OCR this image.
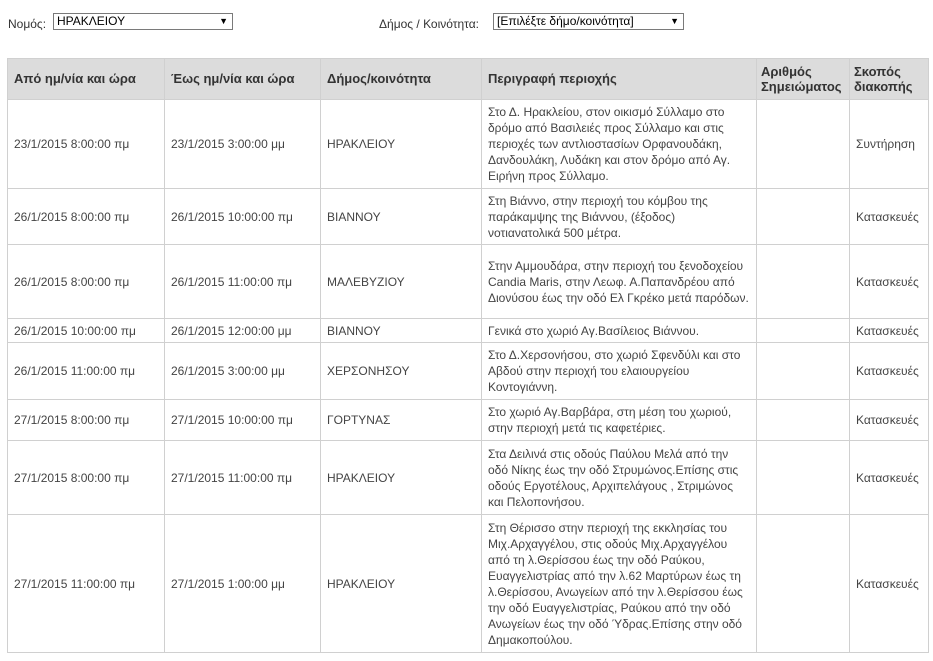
Νομός: ΗΡΑΚΛΕΙΟΥ	▼	Δήμος / Κοινότητα:	[Επιλέξτε δήμο/κοινότητα]	▼
Από ημ/νία και ώρα	Έως ημ/νία και ώρα	Δήμος/κοινότητα	Περιγραφή περιοχής	Αριθμός Σημειώματος	Σκοπός διακοπής
23/1/2015 8:00:00 πμ	23/1/2015 3:00:00 μμ	ΗΡΑΚΛΕΙΟΥ	Στο Δ. Ηρακλείου, στον οικισμό Σύλλαμο στο δρόμο από Βασιλειές προς Σύλλαμο και στις περιοχές των αντλιοστασίων Ορφανουδάκη, Δανδουλάκη, Λυδάκη και στον δρόμο από Αγ. Ειρήνη προς Σύλλαμο.		Συντήρηση
26/1/2015 8:00:00 πμ	26/1/2015 10:00:00 πμ	ΒΙΑΝΝΟΥ	Στη Βιάννο, στην περιοχή του κόμβου της παράκαμψης της Βιάννου, (έξοδος) νοτιανατολικά 500 μέτρα.		Κατασκευές
26/1/2015 8:00:00 πμ	26/1/2015 11:00:00 πμ	ΜΑΛΕΒΥΖΙΟΥ	Στην Αμμουδάρα, στην περιοχή του ξενοδοχείου Candia Maris, στην Λεωφ. Α.Παπανδρέου από Διονύσου έως την οδό Ελ Γκρέκο μετά παρόδων.		Κατασκευές
26/1/2015 10:00:00 πμ	26/1/2015 12:00:00 μμ	ΒΙΑΝΝΟΥ	Γενικά στο χωριό Αγ.Βασίλειος Βιάννου.		Κατασκευές
26/1/2015 11:00:00 πμ	26/1/2015 3:00:00 μμ	ΧΕΡΣΟΝΗΣΟΥ	Στο Δ.Χερσονήσου, στο χωριό Σφενδύλι και στο Αβδού στην περιοχή του ελαιουργείου Κοντογιάννη.		Κατασκευές
27/1/2015 8:00:00 πμ	27/1/2015 10:00:00 πμ	ΓΟΡΤΥΝΑΣ	Στο χωριό Αγ.Βαρβάρα, στη μέση του χωριού, στην περιοχή μετά τις καφετέριες.		Κατασκευές
27/1/2015 8:00:00 πμ	27/1/2015 11:00:00 πμ	ΗΡΑΚΛΕΙΟΥ	Στα Δειλινά στις οδούς Παύλου Μελά από την οδό Νίκης έως την οδό Στρυμώνος.Επίσης στις οδούς Εργοτέλους, Αρχιπελάγους , Στριμώνος και Πελοπονήσου.		Κατασκευές
27/1/2015 11:00:00 πμ	27/1/2015 1:00:00 μμ	ΗΡΑΚΛΕΙΟΥ	Στη Θέρισσο στην περιοχή της εκκλησίας του Μιχ.Αρχαγγέλου, στις οδούς Μιχ.Αρχαγγέλου από τη λ.Θερίσσου έως την οδό Ραύκου, Ευαγγελιστρίας από την λ.62 Μαρτύρων έως τη λ.Θερίσσου, Ανωγείων από την λ.Θερίσσου έως την οδό Ευαγγελιστρίας, Ραύκου από την οδό Ανωγείων έως την οδό Ύδρας.Επίσης στην οδό Δημακοπούλου.		Κατασκευές
